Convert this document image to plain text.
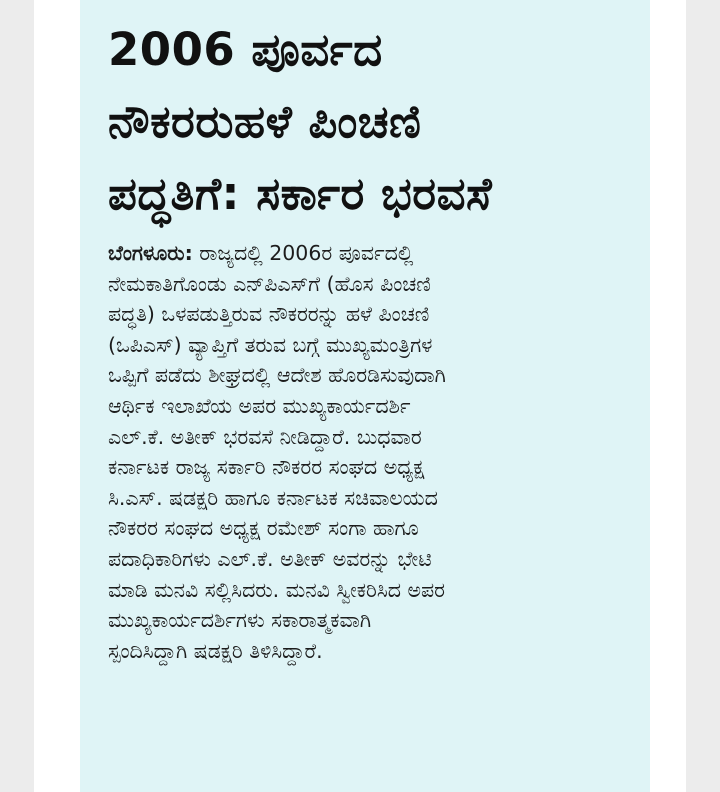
2006 ಪೂರ್ವದ
ನೌಕರರುಹಳೆ ಪಿಂಚಣಿ
ಪದ್ಧತಿಗೆ: ಸರ್ಕಾರ ಭರವಸೆ
ಬೆಂಗಳೂರು: ರಾಜ್ಯದಲ್ಲಿ 2006ರ ಪೂರ್ವದಲ್ಲಿ
ನೇಮಕಾತಿಗೊಂಡು ಎನ್‌ಪಿಎಸ್‌ಗೆ (ಹೊಸ ಪಿಂಚಣಿ
ಪದ್ಧತಿ) ಒಳಪಡುತ್ತಿರುವ ನೌಕರರನ್ನು ಹಳೆ ಪಿಂಚಣಿ
(ಒಪಿಎಸ್) ವ್ಯಾಪ್ತಿಗೆ ತರುವ ಬಗ್ಗೆ ಮುಖ್ಯಮಂತ್ರಿಗಳ
ಒಪ್ಪಿಗೆ ಪಡೆದು ಶೀಘ್ರದಲ್ಲಿ ಆದೇಶ ಹೊರಡಿಸುವುದಾಗಿ
ಆರ್ಥಿಕ ಇಲಾಖೆಯ ಅಪರ ಮುಖ್ಯಕಾರ್ಯದರ್ಶಿ
ಎಲ್.ಕೆ. ಅತೀಕ್ ಭರವಸೆ ನೀಡಿದ್ದಾರೆ. ಬುಧವಾರ
ಕರ್ನಾಟಕ ರಾಜ್ಯ ಸರ್ಕಾರಿ ನೌಕರರ ಸಂಘದ ಅಧ್ಯಕ್ಷ
ಸಿ.ಎಸ್. ಷಡಕ್ಷರಿ ಹಾಗೂ ಕರ್ನಾಟಕ ಸಚಿವಾಲಯದ
ನೌಕರರ ಸಂಘದ ಅಧ್ಯಕ್ಷ ರಮೇಶ್ ಸಂಗಾ ಹಾಗೂ
ಪದಾಧಿಕಾರಿಗಳು ಎಲ್.ಕೆ. ಅತೀಕ್ ಅವರನ್ನು ಭೇಟಿ
ಮಾಡಿ ಮನವಿ ಸಲ್ಲಿಸಿದರು. ಮನವಿ ಸ್ವೀಕರಿಸಿದ ಅಪರ
ಮುಖ್ಯಕಾರ್ಯದರ್ಶಿಗಳು ಸಕಾರಾತ್ಮಕವಾಗಿ
ಸ್ಪಂದಿಸಿದ್ದಾಗಿ ಷಡಕ್ಷರಿ ತಿಳಿಸಿದ್ದಾರೆ.
